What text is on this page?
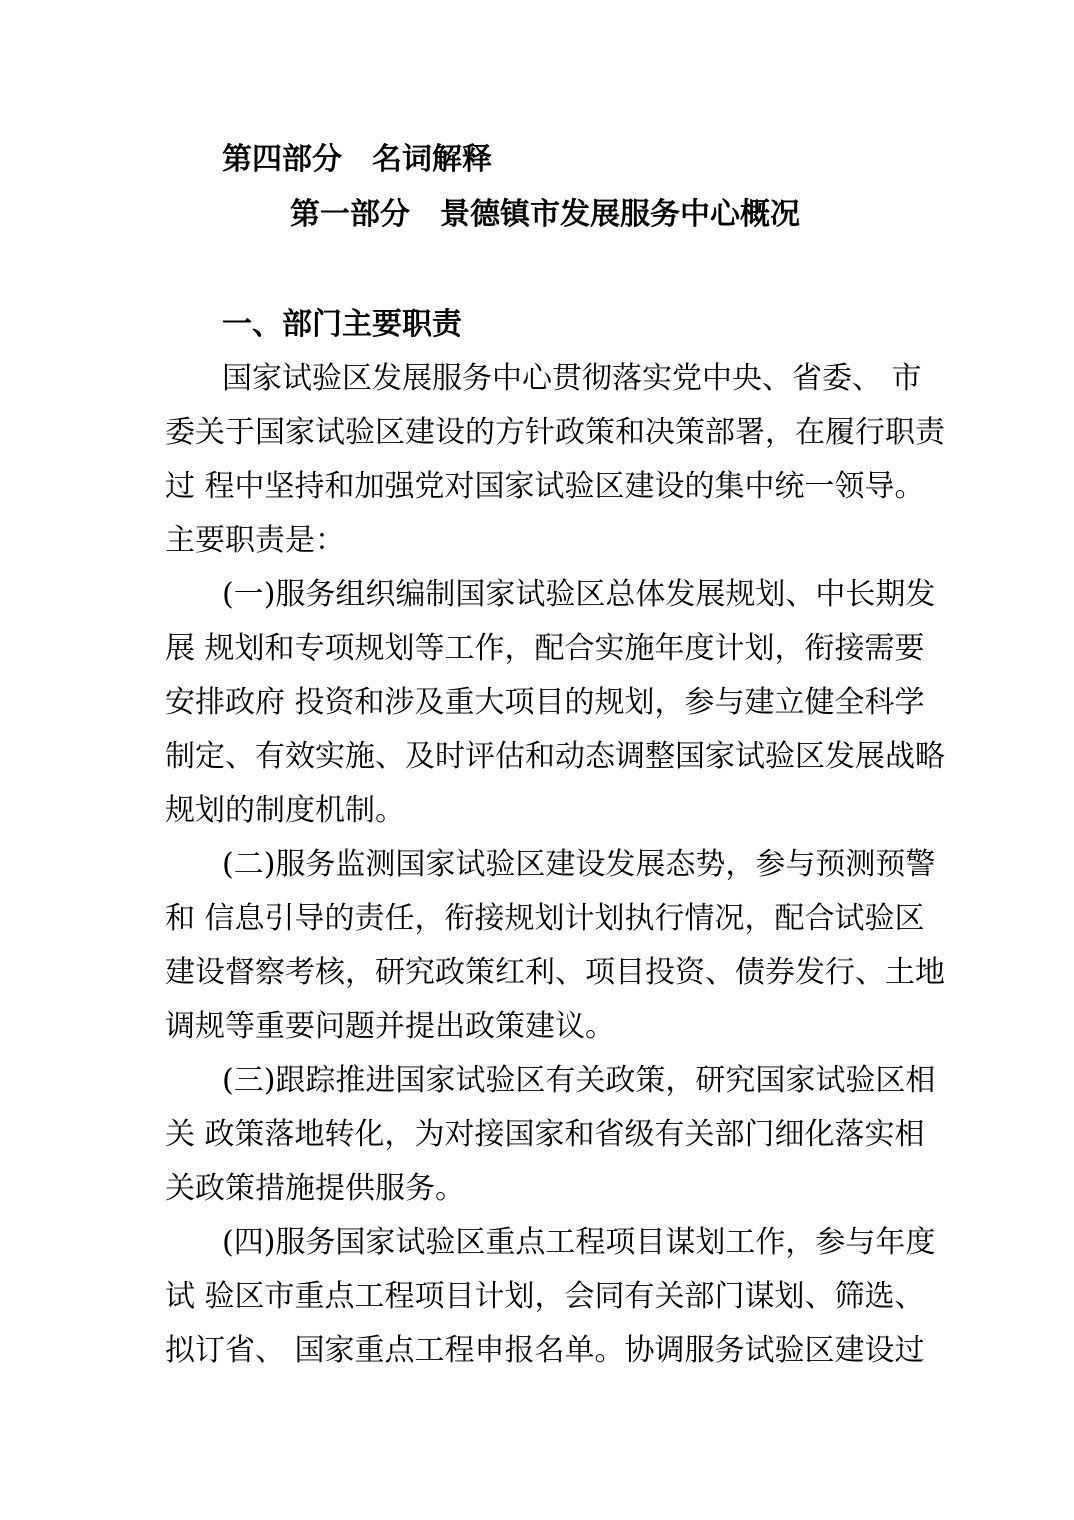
第四部分　名词解释
第一部分　景德镇市发展服务中心概况
一、部门主要职责
国家试验区发展服务中心贯彻落实党中央、省委、 市
委关于国家试验区建设的方针政策和决策部署，在履行职责
过 程中坚持和加强党对国家试验区建设的集中统一领导。
主要职责是：
(一)服务组织编制国家试验区总体发展规划、中长期发
展 规划和专项规划等工作，配合实施年度计划，衔接需要
安排政府 投资和涉及重大项目的规划，参与建立健全科学
制定、有效实施、及时评估和动态调整国家试验区发展战略
规划的制度机制。
(二)服务监测国家试验区建设发展态势，参与预测预警
和 信息引导的责任，衔接规划计划执行情况，配合试验区
建设督察考核，研究政策红利、项目投资、债券发行、土地
调规等重要问题并提出政策建议。
(三)跟踪推进国家试验区有关政策，研究国家试验区相
关 政策落地转化，为对接国家和省级有关部门细化落实相
关政策措施提供服务。
(四)服务国家试验区重点工程项目谋划工作，参与年度
试 验区市重点工程项目计划，会同有关部门谋划、筛选、
拟订省、 国家重点工程申报名单。协调服务试验区建设过
